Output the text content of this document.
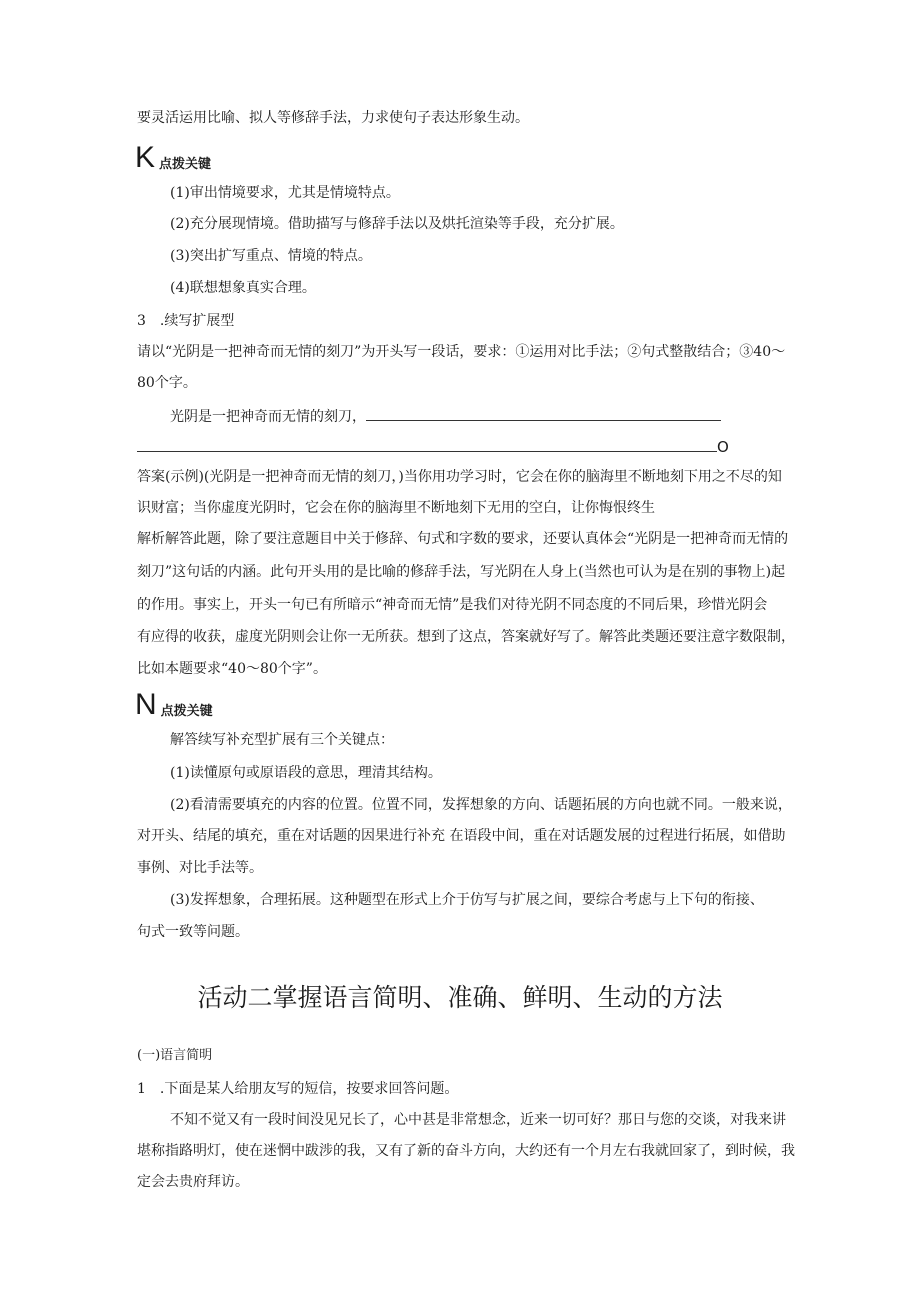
要灵活运用比喻、拟人等修辞手法，力求使句子表达形象生动。
K 点拨关键
(1)审出情境要求，尤其是情境特点。
(2)充分展现情境。借助描写与修辞手法以及烘托渲染等手段，充分扩展。
(3)突出扩写重点、情境的特点。
(4)联想想象真实合理。
3　.续写扩展型
请以“光阴是一把神奇而无情的刻刀”为开头写一段话，要求：①运用对比手法；②句式整散结合；③40〜
80个字。
光阴是一把神奇而无情的刻刀，
O
答案(示例)(光阴是一把神奇而无情的刻刀，)当你用功学习时，它会在你的脑海里不断地刻下用之不尽的知
识财富；当你虚度光阴时，它会在你的脑海里不断地刻下无用的空白，让你悔恨终生
解析解答此题，除了要注意题目中关于修辞、句式和字数的要求，还要认真体会“光阴是一把神奇而无情的
刻刀”这句话的内涵。此句开头用的是比喻的修辞手法，写光阴在人身上(当然也可认为是在别的事物上)起
的作用。事实上，开头一句已有所暗示“神奇而无情”是我们对待光阴不同态度的不同后果，珍惜光阴会
有应得的收获，虚度光阴则会让你一无所获。想到了这点，答案就好写了。解答此类题还要注意字数限制，
比如本题要求“40〜80个字”。
N 点拨关键
解答续写补充型扩展有三个关键点：
(1)读懂原句或原语段的意思，理清其结构。
(2)看清需要填充的内容的位置。位置不同，发挥想象的方向、话题拓展的方向也就不同。一般来说，
对开头、结尾的填充，重在对话题的因果进行补充 在语段中间，重在对话题发展的过程进行拓展，如借助
事例、对比手法等。
(3)发挥想象，合理拓展。这种题型在形式上介于仿写与扩展之间，要综合考虑与上下句的衔接、
句式一致等问题。
活动二掌握语言简明、准确、鲜明、生动的方法
(一)语言简明
1　.下面是某人给朋友写的短信，按要求回答问题。
不知不觉又有一段时间没见兄长了，心中甚是非常想念，近来一切可好？那日与您的交谈，对我来讲
堪称指路明灯，使在迷惘中跋涉的我，又有了新的奋斗方向，大约还有一个月左右我就回家了，到时候，我
定会去贵府拜访。
